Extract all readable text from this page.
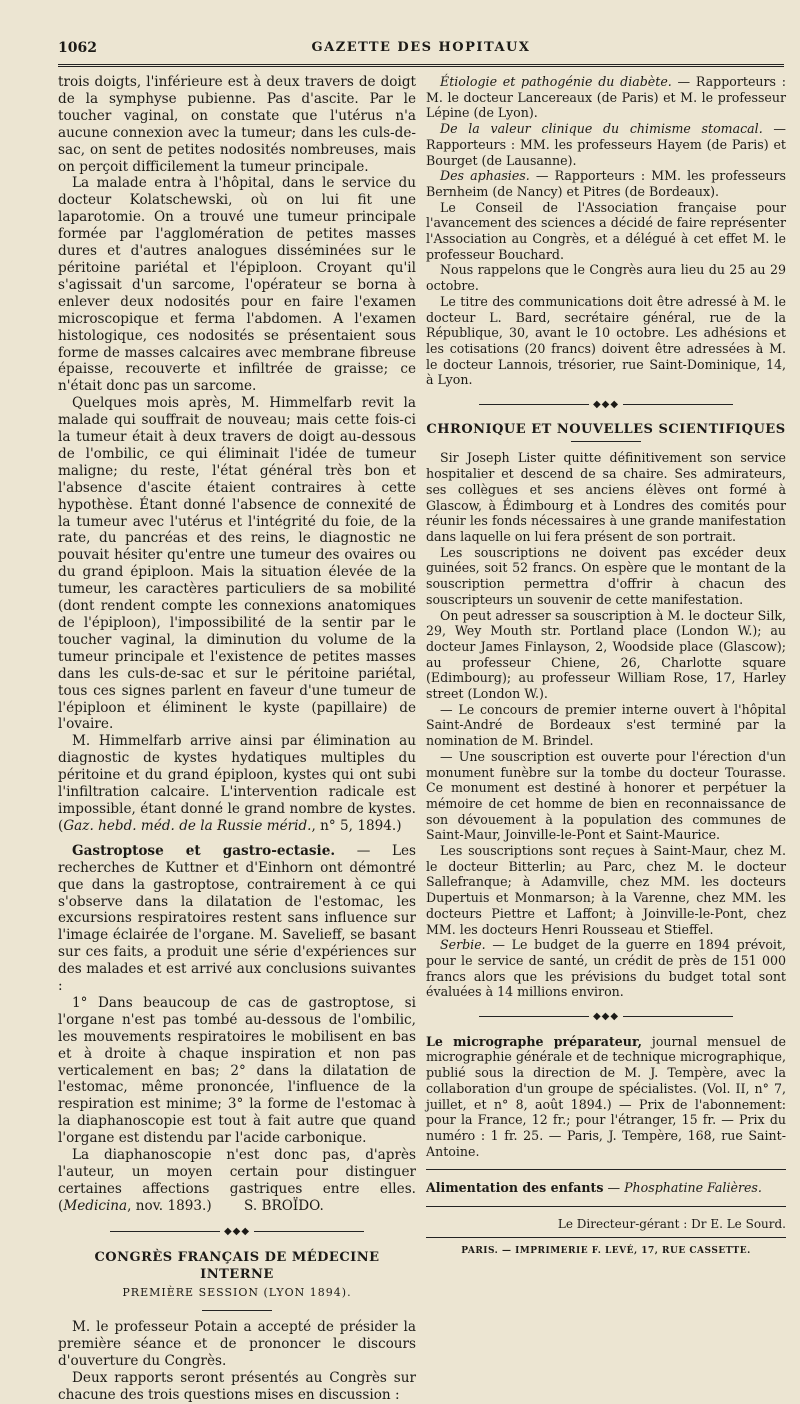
1062	GAZETTE DES HOPITAUX

trois doigts, l'inférieure est à deux travers de doigt de la symphyse pubienne. Pas d'ascite. Par le toucher vaginal, on constate que l'utérus n'a aucune connexion avec la tumeur; dans les culs-de-sac, on sent de petites nodosités nombreuses, mais on perçoit difficilement la tumeur principale.

La malade entra à l'hôpital, dans le service du docteur Kolatschewski, où on lui fit une laparotomie. On a trouvé une tumeur principale formée par l'agglomération de petites masses dures et d'autres analogues disséminées sur le péritoine pariétal et l'épiploon. Croyant qu'il s'agissait d'un sarcome, l'opérateur se borna à enlever deux nodosités pour en faire l'examen microscopique et ferma l'abdomen. A l'examen histologique, ces nodosités se présentaient sous forme de masses calcaires avec membrane fibreuse épaisse, recouverte et infiltrée de graisse; ce n'était donc pas un sarcome.

Quelques mois après, M. Himmelfarb revit la malade qui souffrait de nouveau; mais cette fois-ci la tumeur était à deux travers de doigt au-dessous de l'ombilic, ce qui éliminait l'idée de tumeur maligne; du reste, l'état général très bon et l'absence d'ascite étaient contraires à cette hypothèse. Étant donné l'absence de connexité de la tumeur avec l'utérus et l'intégrité du foie, de la rate, du pancréas et des reins, le diagnostic ne pouvait hésiter qu'entre une tumeur des ovaires ou du grand épiploon. Mais la situation élevée de la tumeur, les caractères particuliers de sa mobilité (dont rendent compte les connexions anatomiques de l'épiploon), l'impossibilité de la sentir par le toucher vaginal, la diminution du volume de la tumeur principale et l'existence de petites masses dans les culs-de-sac et sur le péritoine pariétal, tous ces signes parlent en faveur d'une tumeur de l'épiploon et éliminent le kyste (papillaire) de l'ovaire.

M. Himmelfarb arrive ainsi par élimination au diagnostic de kystes hydatiques multiples du péritoine et du grand épiploon, kystes qui ont subi l'infiltration calcaire. L'intervention radicale est impossible, étant donné le grand nombre de kystes. (Gaz. hebd. méd. de la Russie mérid., n° 5, 1894.)

Gastroptose et gastro-ectasie. — Les recherches de Kuttner et d'Einhorn ont démontré que dans la gastroptose, contrairement à ce qui s'observe dans la dilatation de l'estomac, les excursions respiratoires restent sans influence sur l'image éclairée de l'organe. M. Savelieff, se basant sur ces faits, a produit une série d'expériences sur des malades et est arrivé aux conclusions suivantes :

1° Dans beaucoup de cas de gastroptose, si l'organe n'est pas tombé au-dessous de l'ombilic, les mouvements respiratoires le mobilisent en bas et à droite à chaque inspiration et non pas verticalement en bas; 2° dans la dilatation de l'estomac, même prononcée, l'influence de la respiration est minime; 3° la forme de l'estomac à la diaphanoscopie est tout à fait autre que quand l'organe est distendu par l'acide carbonique.

La diaphanoscopie n'est donc pas, d'après l'auteur, un moyen certain pour distinguer certaines affections gastriques entre elles. (Medicina, nov. 1893.) S. BROÏDO.

◆◆◆
CONGRÈS FRANÇAIS DE MÉDECINE INTERNE
PREMIÈRE SESSION (LYON 1894).

M. le professeur Potain a accepté de présider la première séance et de prononcer le discours d'ouverture du Congrès.

Deux rapports seront présentés au Congrès sur chacune des trois questions mises en discussion :

Étiologie et pathogénie du diabète. — Rapporteurs : M. le docteur Lancereaux (de Paris) et M. le professeur Lépine (de Lyon).

De la valeur clinique du chimisme stomacal. — Rapporteurs : MM. les professeurs Hayem (de Paris) et Bourget (de Lausanne).

Des aphasies. — Rapporteurs : MM. les professeurs Bernheim (de Nancy) et Pitres (de Bordeaux).

Le Conseil de l'Association française pour l'avancement des sciences a décidé de faire représenter l'Association au Congrès, et a délégué à cet effet M. le professeur Bouchard.

Nous rappelons que le Congrès aura lieu du 25 au 29 octobre.

Le titre des communications doit être adressé à M. le docteur L. Bard, secrétaire général, rue de la République, 30, avant le 10 octobre. Les adhésions et les cotisations (20 francs) doivent être adressées à M. le docteur Lannois, trésorier, rue Saint-Dominique, 14, à Lyon.

◆◆◆
CHRONIQUE ET NOUVELLES SCIENTIFIQUES

Sir Joseph Lister quitte définitivement son service hospitalier et descend de sa chaire. Ses admirateurs, ses collègues et ses anciens élèves ont formé à Glascow, à Édimbourg et à Londres des comités pour réunir les fonds nécessaires à une grande manifestation dans laquelle on lui fera présent de son portrait.

Les souscriptions ne doivent pas excéder deux guinées, soit 52 francs. On espère que le montant de la souscription permettra d'offrir à chacun des souscripteurs un souvenir de cette manifestation.

On peut adresser sa souscription à M. le docteur Silk, 29, Wey Mouth str. Portland place (London W.); au docteur James Finlayson, 2, Woodside place (Glascow); au professeur Chiene, 26, Charlotte square (Edimbourg); au professeur William Rose, 17, Harley street (London W.).

— Le concours de premier interne ouvert à l'hôpital Saint-André de Bordeaux s'est terminé par la nomination de M. Brindel.

— Une souscription est ouverte pour l'érection d'un monument funèbre sur la tombe du docteur Tourasse. Ce monument est destiné à honorer et perpétuer la mémoire de cet homme de bien en reconnaissance de son dévouement à la population des communes de Saint-Maur, Joinville-le-Pont et Saint-Maurice.

Les souscriptions sont reçues à Saint-Maur, chez M. le docteur Bitterlin; au Parc, chez M. le docteur Sallefranque; à Adamville, chez MM. les docteurs Dupertuis et Monmarson; à la Varenne, chez MM. les docteurs Piettre et Laffont; à Joinville-le-Pont, chez MM. les docteurs Henri Rousseau et Stieffel.

Serbie. — Le budget de la guerre en 1894 prévoit, pour le service de santé, un crédit de près de 151 000 francs alors que les prévisions du budget total sont évaluées à 14 millions environ.

◆◆◆

Le micrographe préparateur, journal mensuel de micrographie générale et de technique micrographique, publié sous la direction de M. J. Tempère, avec la collaboration d'un groupe de spécialistes. (Vol. II, n° 7, juillet, et n° 8, août 1894.) — Prix de l'abonnement: pour la France, 12 fr.; pour l'étranger, 15 fr. — Prix du numéro : 1 fr. 25. — Paris, J. Tempère, 168, rue Saint-Antoine.

Alimentation des enfants — Phosphatine Falières.

Le Directeur-gérant : Dr E. Le Sourd.
PARIS. — IMPRIMERIE F. LEVÉ, 17, RUE CASSETTE.
